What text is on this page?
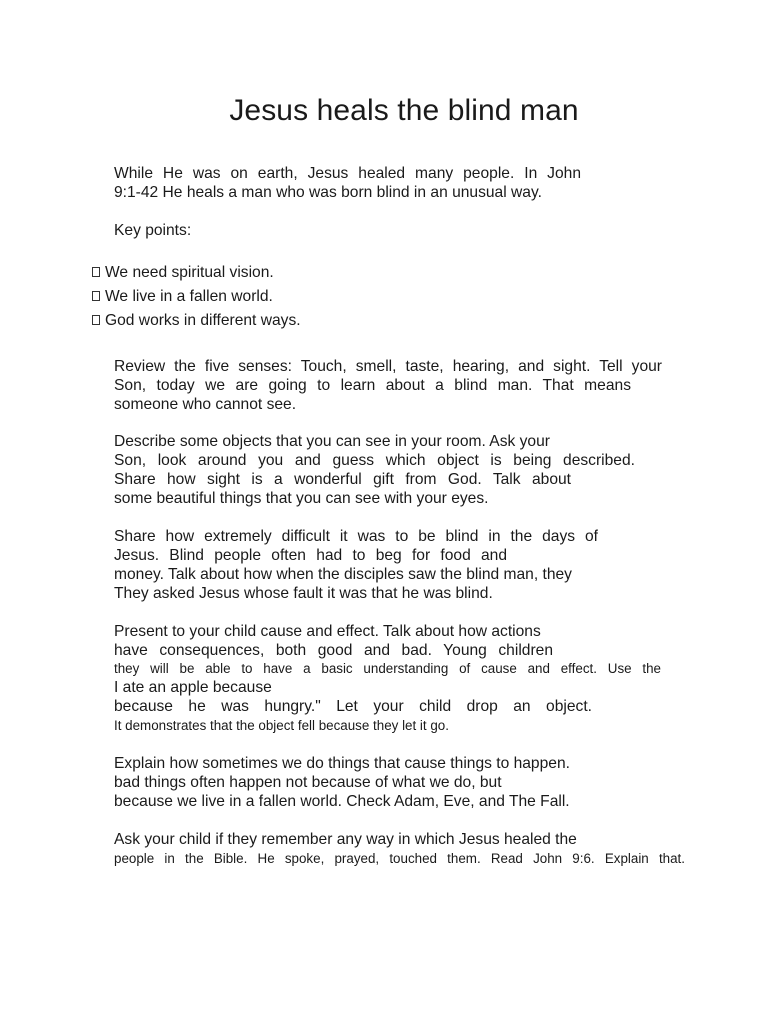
Jesus heals the blind man
While He was on earth, Jesus healed many people. In John
9:1-42 He heals a man who was born blind in an unusual way.
Key points:
We need spiritual vision.
We live in a fallen world.
God works in different ways.
Review the five senses: Touch, smell, taste, hearing, and sight. Tell your
Son, today we are going to learn about a blind man. That means
someone who cannot see.
Describe some objects that you can see in your room. Ask your
Son, look around you and guess which object is being described.
Share how sight is a wonderful gift from God. Talk about
some beautiful things that you can see with your eyes.
Share how extremely difficult it was to be blind in the days of
Jesus. Blind people often had to beg for food and
money. Talk about how when the disciples saw the blind man, they
They asked Jesus whose fault it was that he was blind.
Present to your child cause and effect. Talk about how actions
have consequences, both good and bad. Young children
they will be able to have a basic understanding of cause and effect. Use the
I ate an apple because
because he was hungry." Let your child drop an object.
It demonstrates that the object fell because they let it go.
Explain how sometimes we do things that cause things to happen.
bad things often happen not because of what we do, but
because we live in a fallen world. Check Adam, Eve, and The Fall.
Ask your child if they remember any way in which Jesus healed the
people in the Bible. He spoke, prayed, touched them. Read John 9:6. Explain that.
